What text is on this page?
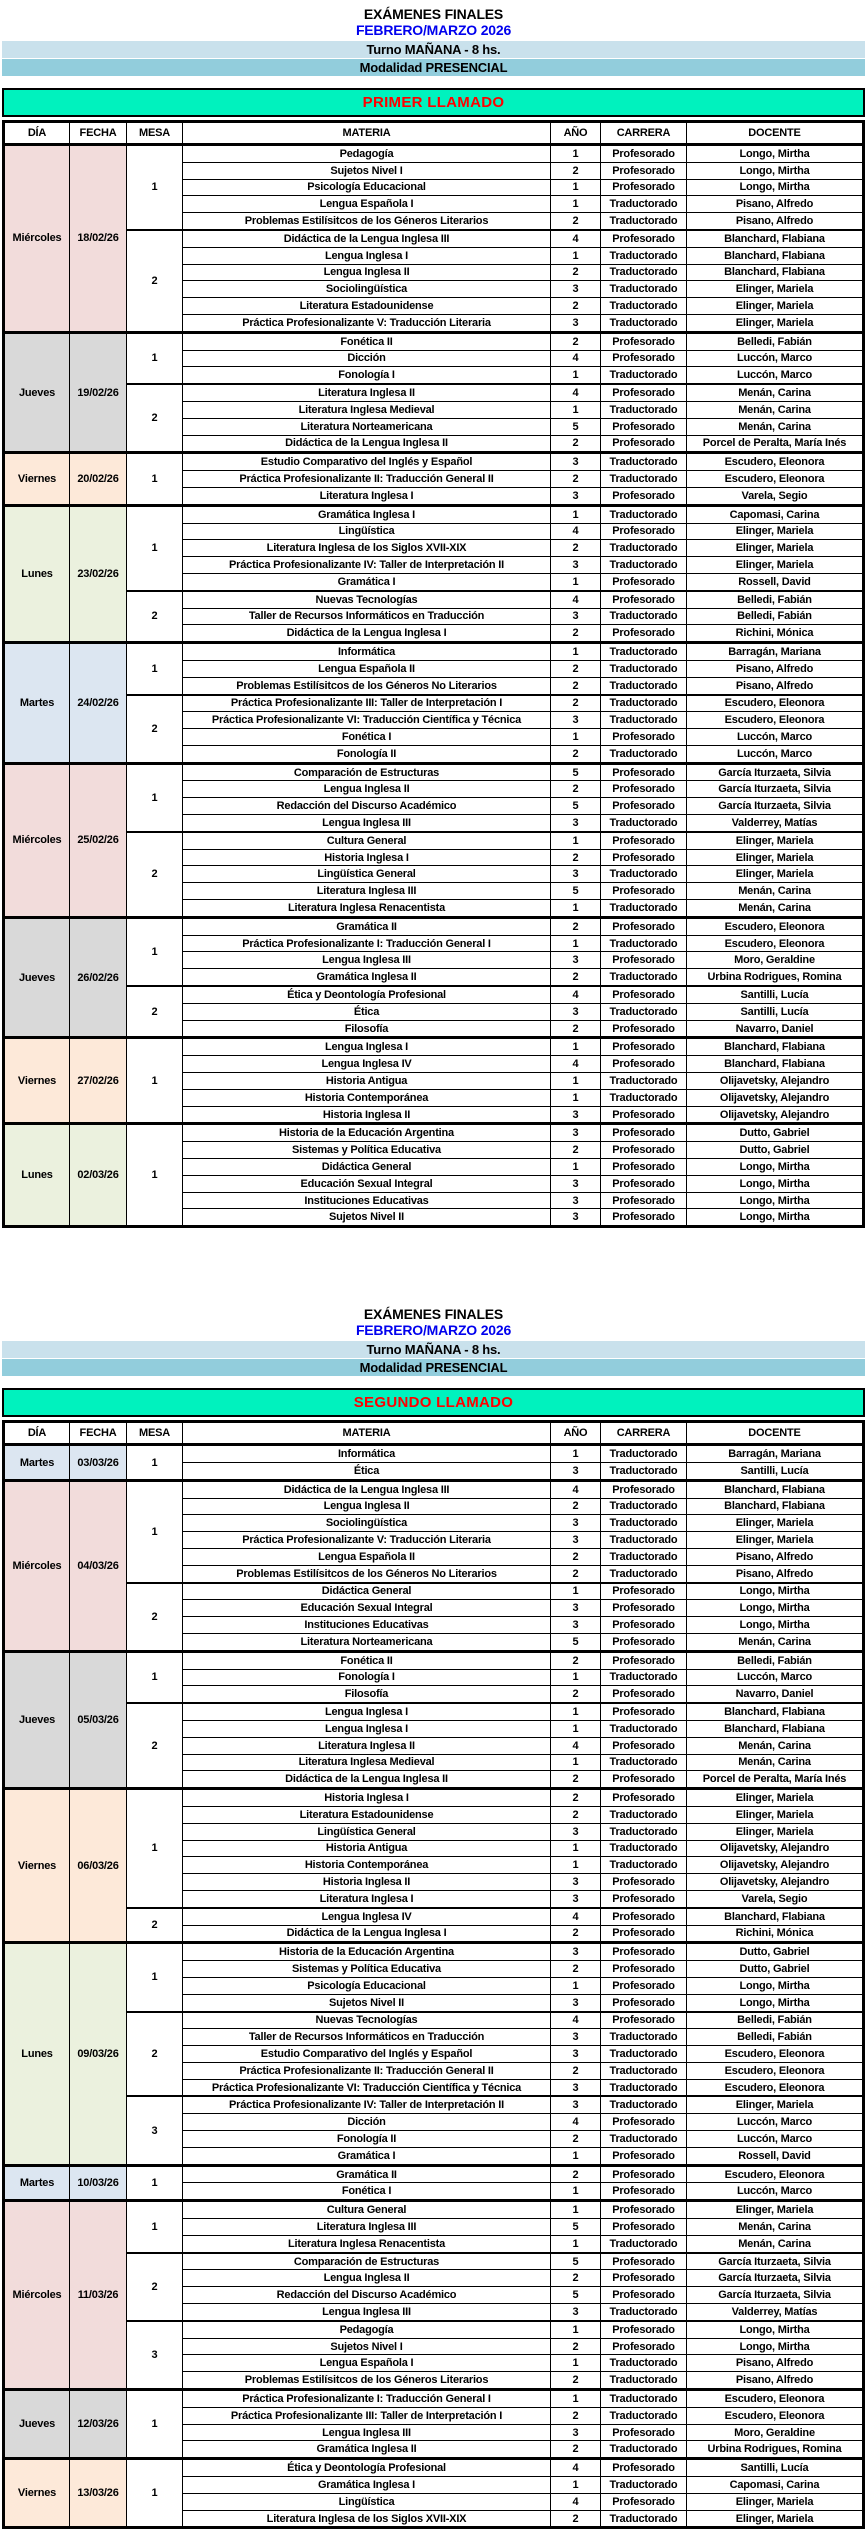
EXÁMENES FINALES
FEBRERO/MARZO 2026
Turno MAÑANA - 8 hs.
Modalidad PRESENCIAL
PRIMER LLAMADO
DÍA	FECHA	MESA	MATERIA	AÑO	CARRERA	DOCENTE
Miércoles	18/02/26	1	Pedagogía	1	Profesorado	Longo, Mirtha
			Sujetos Nivel I	2	Profesorado	Longo, Mirtha
			Psicología Educacional	1	Profesorado	Longo, Mirtha
			Lengua Española I	1	Traductorado	Pisano, Alfredo
			Problemas Estilísitcos de los Géneros Literarios	2	Traductorado	Pisano, Alfredo
		2	Didáctica de la Lengua Inglesa III	4	Profesorado	Blanchard, Flabiana
			Lengua Inglesa I	1	Traductorado	Blanchard, Flabiana
			Lengua Inglesa II	2	Traductorado	Blanchard, Flabiana
			Sociolingüística	3	Traductorado	Elinger, Mariela
			Literatura Estadounidense	2	Traductorado	Elinger, Mariela
			Práctica Profesionalizante V: Traducción Literaria	3	Traductorado	Elinger, Mariela
Jueves	19/02/26	1	Fonética II	2	Profesorado	Belledi, Fabián
			Dicción	4	Profesorado	Luccón, Marco
			Fonología I	1	Traductorado	Luccón, Marco
		2	Literatura Inglesa II	4	Profesorado	Menán, Carina
			Literatura Inglesa Medieval	1	Traductorado	Menán, Carina
			Literatura Norteamericana	5	Profesorado	Menán, Carina
			Didáctica de la Lengua Inglesa II	2	Profesorado	Porcel de Peralta, María Inés
Viernes	20/02/26	1	Estudio Comparativo del Inglés y Español	3	Traductorado	Escudero, Eleonora
			Práctica Profesionalizante II: Traducción General II	2	Traductorado	Escudero, Eleonora
			Literatura Inglesa I	3	Profesorado	Varela, Segio
Lunes	23/02/26	1	Gramática Inglesa I	1	Traductorado	Capomasi, Carina
			Lingüística	4	Profesorado	Elinger, Mariela
			Literatura Inglesa de los Siglos XVII-XIX	2	Traductorado	Elinger, Mariela
			Práctica Profesionalizante IV: Taller de Interpretación II	3	Traductorado	Elinger, Mariela
			Gramática I	1	Profesorado	Rossell, David
		2	Nuevas Tecnologías	4	Profesorado	Belledi, Fabián
			Taller de Recursos Informáticos en Traducción	3	Traductorado	Belledi, Fabián
			Didáctica de la Lengua Inglesa I	2	Profesorado	Richini, Mónica
Martes	24/02/26	1	Informática	1	Traductorado	Barragán, Mariana
			Lengua Española II	2	Traductorado	Pisano, Alfredo
			Problemas Estilísitcos de los Géneros No Literarios	2	Traductorado	Pisano, Alfredo
		2	Práctica Profesionalizante III: Taller de Interpretación I	2	Traductorado	Escudero, Eleonora
			Práctica Profesionalizante VI: Traducción Científica y Técnica	3	Traductorado	Escudero, Eleonora
			Fonética I	1	Profesorado	Luccón, Marco
			Fonología II	2	Traductorado	Luccón, Marco
Miércoles	25/02/26	1	Comparación de Estructuras	5	Profesorado	García Iturzaeta, Silvia
			Lengua Inglesa II	2	Profesorado	García Iturzaeta, Silvia
			Redacción del Discurso Académico	5	Profesorado	García Iturzaeta, Silvia
			Lengua Inglesa III	3	Traductorado	Valderrey, Matías
		2	Cultura General	1	Profesorado	Elinger, Mariela
			Historia Inglesa I	2	Profesorado	Elinger, Mariela
			Lingüística General	3	Traductorado	Elinger, Mariela
			Literatura Inglesa III	5	Profesorado	Menán, Carina
			Literatura Inglesa Renacentista	1	Traductorado	Menán, Carina
Jueves	26/02/26	1	Gramática II	2	Profesorado	Escudero, Eleonora
			Práctica Profesionalizante I: Traducción General I	1	Traductorado	Escudero, Eleonora
			Lengua Inglesa III	3	Profesorado	Moro, Geraldine
			Gramática Inglesa II	2	Traductorado	Urbina Rodrigues, Romina
		2	Ética y Deontología Profesional	4	Profesorado	Santilli, Lucía
			Ética	3	Traductorado	Santilli, Lucía
			Filosofía	2	Profesorado	Navarro, Daniel
Viernes	27/02/26	1	Lengua Inglesa I	1	Profesorado	Blanchard, Flabiana
			Lengua Inglesa IV	4	Profesorado	Blanchard, Flabiana
			Historia Antigua	1	Traductorado	Olijavetsky, Alejandro
			Historia Contemporánea	1	Traductorado	Olijavetsky, Alejandro
			Historia Inglesa II	3	Profesorado	Olijavetsky, Alejandro
Lunes	02/03/26	1	Historia de la Educación Argentina	3	Profesorado	Dutto, Gabriel
			Sistemas y Política Educativa	2	Profesorado	Dutto, Gabriel
			Didáctica General	1	Profesorado	Longo, Mirtha
			Educación Sexual Integral	3	Profesorado	Longo, Mirtha
			Instituciones Educativas	3	Profesorado	Longo, Mirtha
			Sujetos Nivel II	3	Profesorado	Longo, Mirtha
EXÁMENES FINALES
FEBRERO/MARZO 2026
Turno MAÑANA - 8 hs.
Modalidad PRESENCIAL
SEGUNDO LLAMADO
DÍA	FECHA	MESA	MATERIA	AÑO	CARRERA	DOCENTE
Martes	03/03/26	1	Informática	1	Traductorado	Barragán, Mariana
			Ética	3	Traductorado	Santilli, Lucía
Miércoles	04/03/26	1	Didáctica de la Lengua Inglesa III	4	Profesorado	Blanchard, Flabiana
			Lengua Inglesa II	2	Traductorado	Blanchard, Flabiana
			Sociolingüística	3	Traductorado	Elinger, Mariela
			Práctica Profesionalizante V: Traducción Literaria	3	Traductorado	Elinger, Mariela
			Lengua Española II	2	Traductorado	Pisano, Alfredo
			Problemas Estilísitcos de los Géneros No Literarios	2	Traductorado	Pisano, Alfredo
		2	Didáctica General	1	Profesorado	Longo, Mirtha
			Educación Sexual Integral	3	Profesorado	Longo, Mirtha
			Instituciones Educativas	3	Profesorado	Longo, Mirtha
			Literatura Norteamericana	5	Profesorado	Menán, Carina
Jueves	05/03/26	1	Fonética II	2	Profesorado	Belledi, Fabián
			Fonología I	1	Traductorado	Luccón, Marco
			Filosofía	2	Profesorado	Navarro, Daniel
		2	Lengua Inglesa I	1	Profesorado	Blanchard, Flabiana
			Lengua Inglesa I	1	Traductorado	Blanchard, Flabiana
			Literatura Inglesa II	4	Profesorado	Menán, Carina
			Literatura Inglesa Medieval	1	Traductorado	Menán, Carina
			Didáctica de la Lengua Inglesa II	2	Profesorado	Porcel de Peralta, María Inés
Viernes	06/03/26	1	Historia Inglesa I	2	Profesorado	Elinger, Mariela
			Literatura Estadounidense	2	Traductorado	Elinger, Mariela
			Lingüística General	3	Traductorado	Elinger, Mariela
			Historia Antigua	1	Traductorado	Olijavetsky, Alejandro
			Historia Contemporánea	1	Traductorado	Olijavetsky, Alejandro
			Historia Inglesa II	3	Profesorado	Olijavetsky, Alejandro
			Literatura Inglesa I	3	Profesorado	Varela, Segio
		2	Lengua Inglesa IV	4	Profesorado	Blanchard, Flabiana
			Didáctica de la Lengua Inglesa I	2	Profesorado	Richini, Mónica
Lunes	09/03/26	1	Historia de la Educación Argentina	3	Profesorado	Dutto, Gabriel
			Sistemas y Política Educativa	2	Profesorado	Dutto, Gabriel
			Psicología Educacional	1	Profesorado	Longo, Mirtha
			Sujetos Nivel II	3	Profesorado	Longo, Mirtha
		2	Nuevas Tecnologías	4	Profesorado	Belledi, Fabián
			Taller de Recursos Informáticos en Traducción	3	Traductorado	Belledi, Fabián
			Estudio Comparativo del Inglés y Español	3	Traductorado	Escudero, Eleonora
			Práctica Profesionalizante II: Traducción General II	2	Traductorado	Escudero, Eleonora
			Práctica Profesionalizante VI: Traducción Científica y Técnica	3	Traductorado	Escudero, Eleonora
		3	Práctica Profesionalizante IV: Taller de Interpretación II	3	Traductorado	Elinger, Mariela
			Dicción	4	Profesorado	Luccón, Marco
			Fonología II	2	Traductorado	Luccón, Marco
			Gramática I	1	Profesorado	Rossell, David
Martes	10/03/26	1	Gramática II	2	Profesorado	Escudero, Eleonora
			Fonética I	1	Profesorado	Luccón, Marco
Miércoles	11/03/26	1	Cultura General	1	Profesorado	Elinger, Mariela
			Literatura Inglesa III	5	Profesorado	Menán, Carina
			Literatura Inglesa Renacentista	1	Traductorado	Menán, Carina
		2	Comparación de Estructuras	5	Profesorado	García Iturzaeta, Silvia
			Lengua Inglesa II	2	Profesorado	García Iturzaeta, Silvia
			Redacción del Discurso Académico	5	Profesorado	García Iturzaeta, Silvia
			Lengua Inglesa III	3	Traductorado	Valderrey, Matías
		3	Pedagogía	1	Profesorado	Longo, Mirtha
			Sujetos Nivel I	2	Profesorado	Longo, Mirtha
			Lengua Española I	1	Traductorado	Pisano, Alfredo
			Problemas Estilísitcos de los Géneros Literarios	2	Traductorado	Pisano, Alfredo
Jueves	12/03/26	1	Práctica Profesionalizante I: Traducción General I	1	Traductorado	Escudero, Eleonora
			Práctica Profesionalizante III: Taller de Interpretación I	2	Traductorado	Escudero, Eleonora
			Lengua Inglesa III	3	Profesorado	Moro, Geraldine
			Gramática Inglesa II	2	Traductorado	Urbina Rodrigues, Romina
Viernes	13/03/26	1	Ética y Deontología Profesional	4	Profesorado	Santilli, Lucía
			Gramática Inglesa I	1	Traductorado	Capomasi, Carina
			Lingüística	4	Profesorado	Elinger, Mariela
			Literatura Inglesa de los Siglos XVII-XIX	2	Traductorado	Elinger, Mariela
